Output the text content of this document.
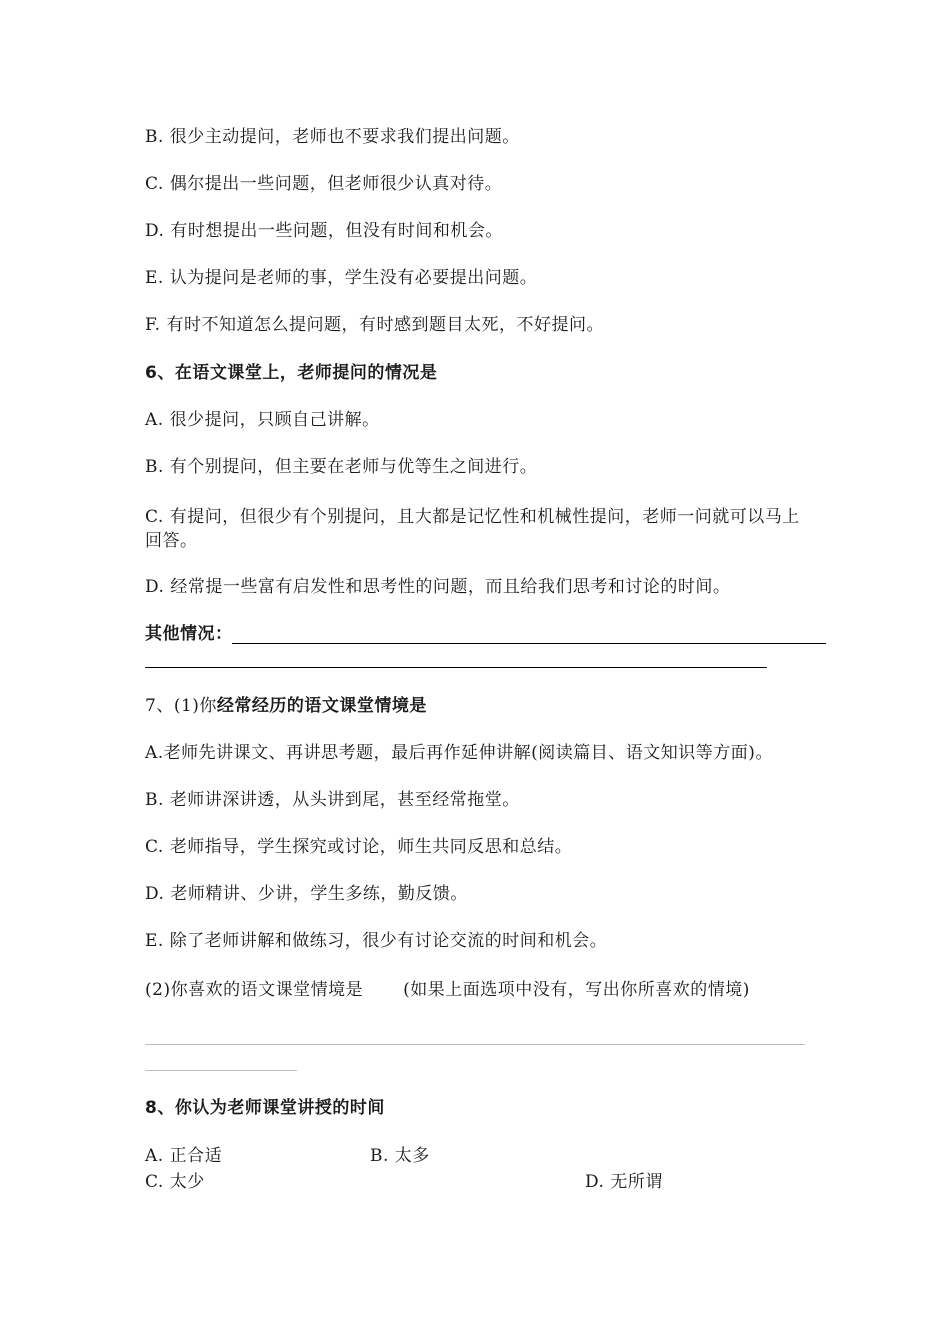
B. 很少主动提问，老师也不要求我们提出问题。
C. 偶尔提出一些问题，但老师很少认真对待。
D. 有时想提出一些问题，但没有时间和机会。
E. 认为提问是老师的事，学生没有必要提出问题。
F. 有时不知道怎么提问题，有时感到题目太死，不好提问。
6、在语文课堂上，老师提问的情况是
A. 很少提问，只顾自己讲解。
B. 有个别提问，但主要在老师与优等生之间进行。
C. 有提问，但很少有个别提问，且大都是记忆性和机械性提问，老师一问就可以马上回答。
D. 经常提一些富有启发性和思考性的问题，而且给我们思考和讨论的时间。
其他情况：
7、(1)你经常经历的语文课堂情境是
A.老师先讲课文、再讲思考题，最后再作延伸讲解(阅读篇目、语文知识等方面)。
B. 老师讲深讲透，从头讲到尾，甚至经常拖堂。
C. 老师指导，学生探究或讨论，师生共同反思和总结。
D. 老师精讲、少讲，学生多练，勤反馈。
E. 除了老师讲解和做练习，很少有讨论交流的时间和机会。
(2)你喜欢的语文课堂情境是 (如果上面选项中没有，写出你所喜欢的情境)
8、你认为老师课堂讲授的时间
A. 正合适	B. 太多
C. 太少	D. 无所谓
